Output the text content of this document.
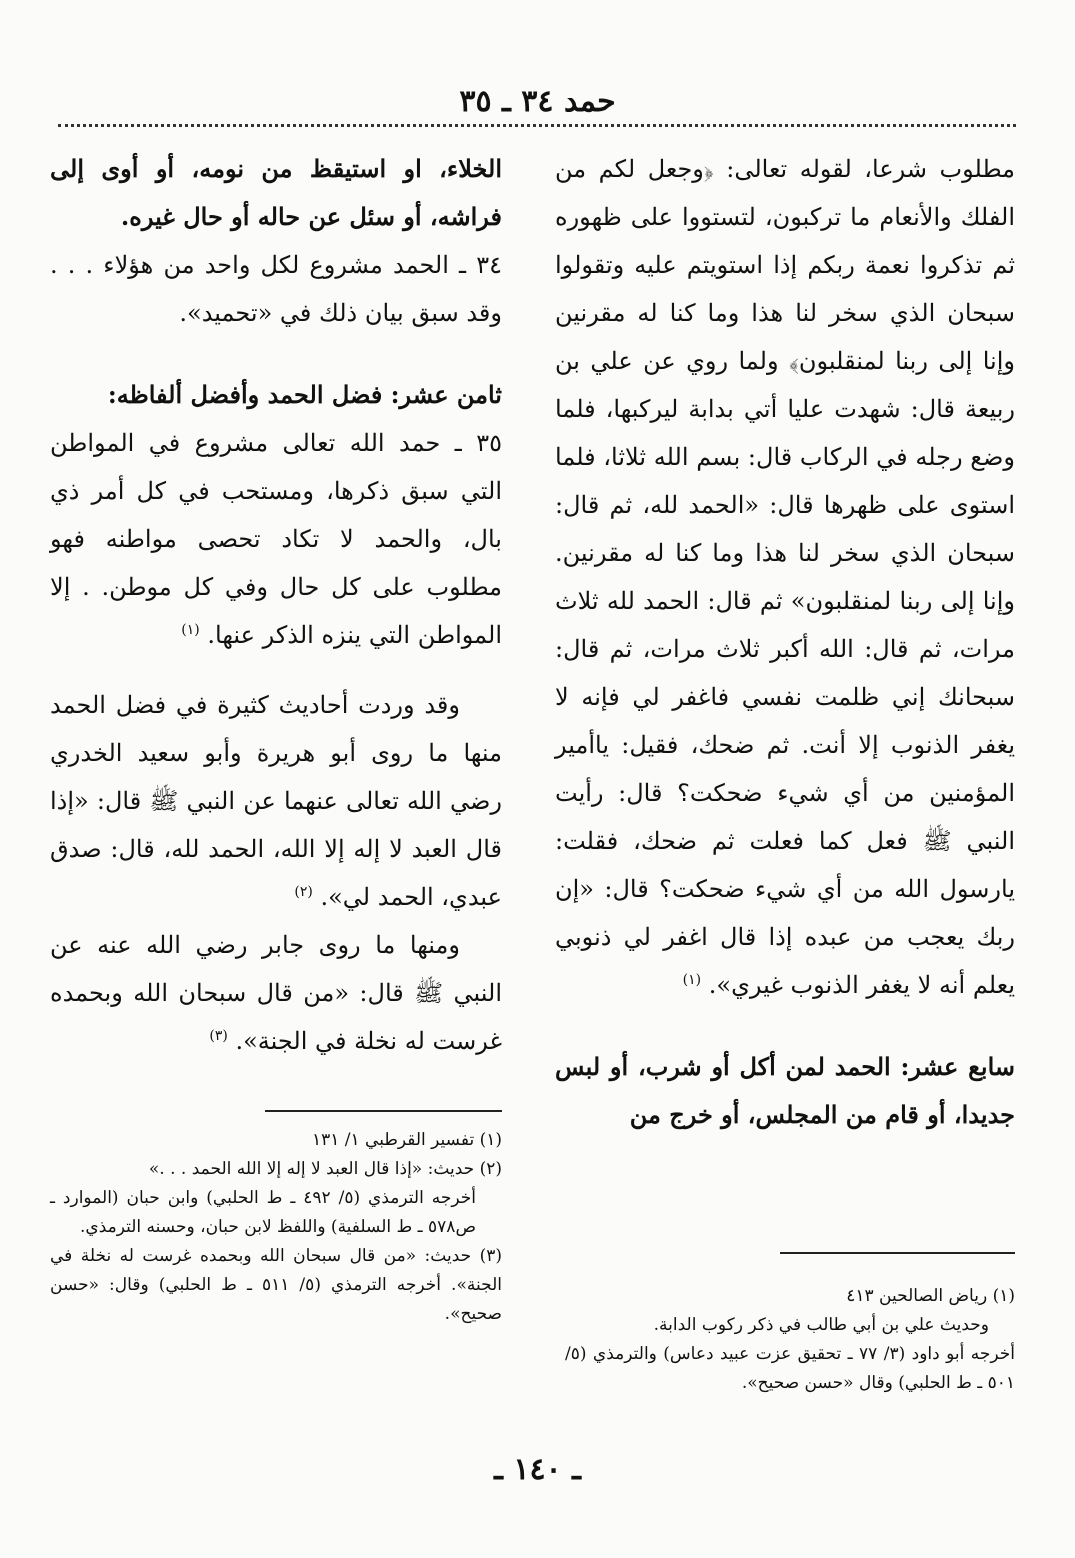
حمد ٣٤ ـ ٣٥

مطلوب شرعا، لقوله تعالى: ﴿وجعل لكم من الفلك والأنعام ما تركبون، لتستووا على ظهوره ثم تذكروا نعمة ربكم إذا استويتم عليه وتقولوا سبحان الذي سخر لنا هذا وما كنا له مقرنين وإنا إلى ربنا لمنقلبون﴾ ولما روي عن علي بن ربيعة قال: شهدت عليا أتي بدابة ليركبها، فلما وضع رجله في الركاب قال: بسم الله ثلاثا، فلما استوى على ظهرها قال: «الحمد لله، ثم قال: سبحان الذي سخر لنا هذا وما كنا له مقرنين. وإنا إلى ربنا لمنقلبون» ثم قال: الحمد لله ثلاث مرات، ثم قال: الله أكبر ثلاث مرات، ثم قال: سبحانك إني ظلمت نفسي فاغفر لي فإنه لا يغفر الذنوب إلا أنت. ثم ضحك، فقيل: ياأمير المؤمنين من أي شيء ضحكت؟ قال: رأيت النبي ﷺ فعل كما فعلت ثم ضحك، فقلت: يارسول الله من أي شيء ضحكت؟ قال: «إن ربك يعجب من عبده إذا قال اغفر لي ذنوبي يعلم أنه لا يغفر الذنوب غيري». $^{(١)}$

سابع عشر: الحمد لمن أكل أو شرب، أو لبس جديدا، أو قام من المجلس، أو خرج من

(١) رياض الصالحين ٤١٣

وحديث علي بن أبي طالب في ذكر ركوب الدابة.

أخرجه أبو داود (٣/ ٧٧ ـ تحقيق عزت عبيد دعاس) والترمذي (٥/ ٥٠١ ـ ط الحلبي) وقال «حسن صحيح».

الخلاء، او استيقظ من نومه، أو أوى إلى فراشه، أو سئل عن حاله أو حال غيره.

٣٤ ـ الحمد مشروع لكل واحد من هؤلاء . . . وقد سبق بيان ذلك في «تحميد».

ثامن عشر: فضل الحمد وأفضل ألفاظه:

٣٥ ـ حمد الله تعالى مشروع في المواطن التي سبق ذكرها، ومستحب في كل أمر ذي بال، والحمد لا تكاد تحصى مواطنه فهو مطلوب على كل حال وفي كل موطن. . إلا المواطن التي ينزه الذكر عنها. $^{(١)}$

وقد وردت أحاديث كثيرة في فضل الحمد منها ما روى أبو هريرة وأبو سعيد الخدري رضي الله تعالى عنهما عن النبي ﷺ قال: «إذا قال العبد لا إله إلا الله، الحمد لله، قال: صدق عبدي، الحمد لي». $^{(٢)}$

ومنها ما روى جابر رضي الله عنه عن النبي ﷺ قال: «من قال سبحان الله وبحمده غرست له نخلة في الجنة». $^{(٣)}$

(١) تفسير القرطبي ١/ ١٣١

(٢) حديث: «إذا قال العبد لا إله إلا الله الحمد . . .»

أخرجه الترمذي (٥/ ٤٩٢ ـ ط الحلبي) وابن حبان (الموارد ـ ص٥٧٨ ـ ط السلفية) واللفظ لابن حبان، وحسنه الترمذي.

(٣) حديث: «من قال سبحان الله وبحمده غرست له نخلة في الجنة». أخرجه الترمذي (٥/ ٥١١ ـ ط الحلبي) وقال: «حسن صحيح».

ـ ١٤٠ ـ
